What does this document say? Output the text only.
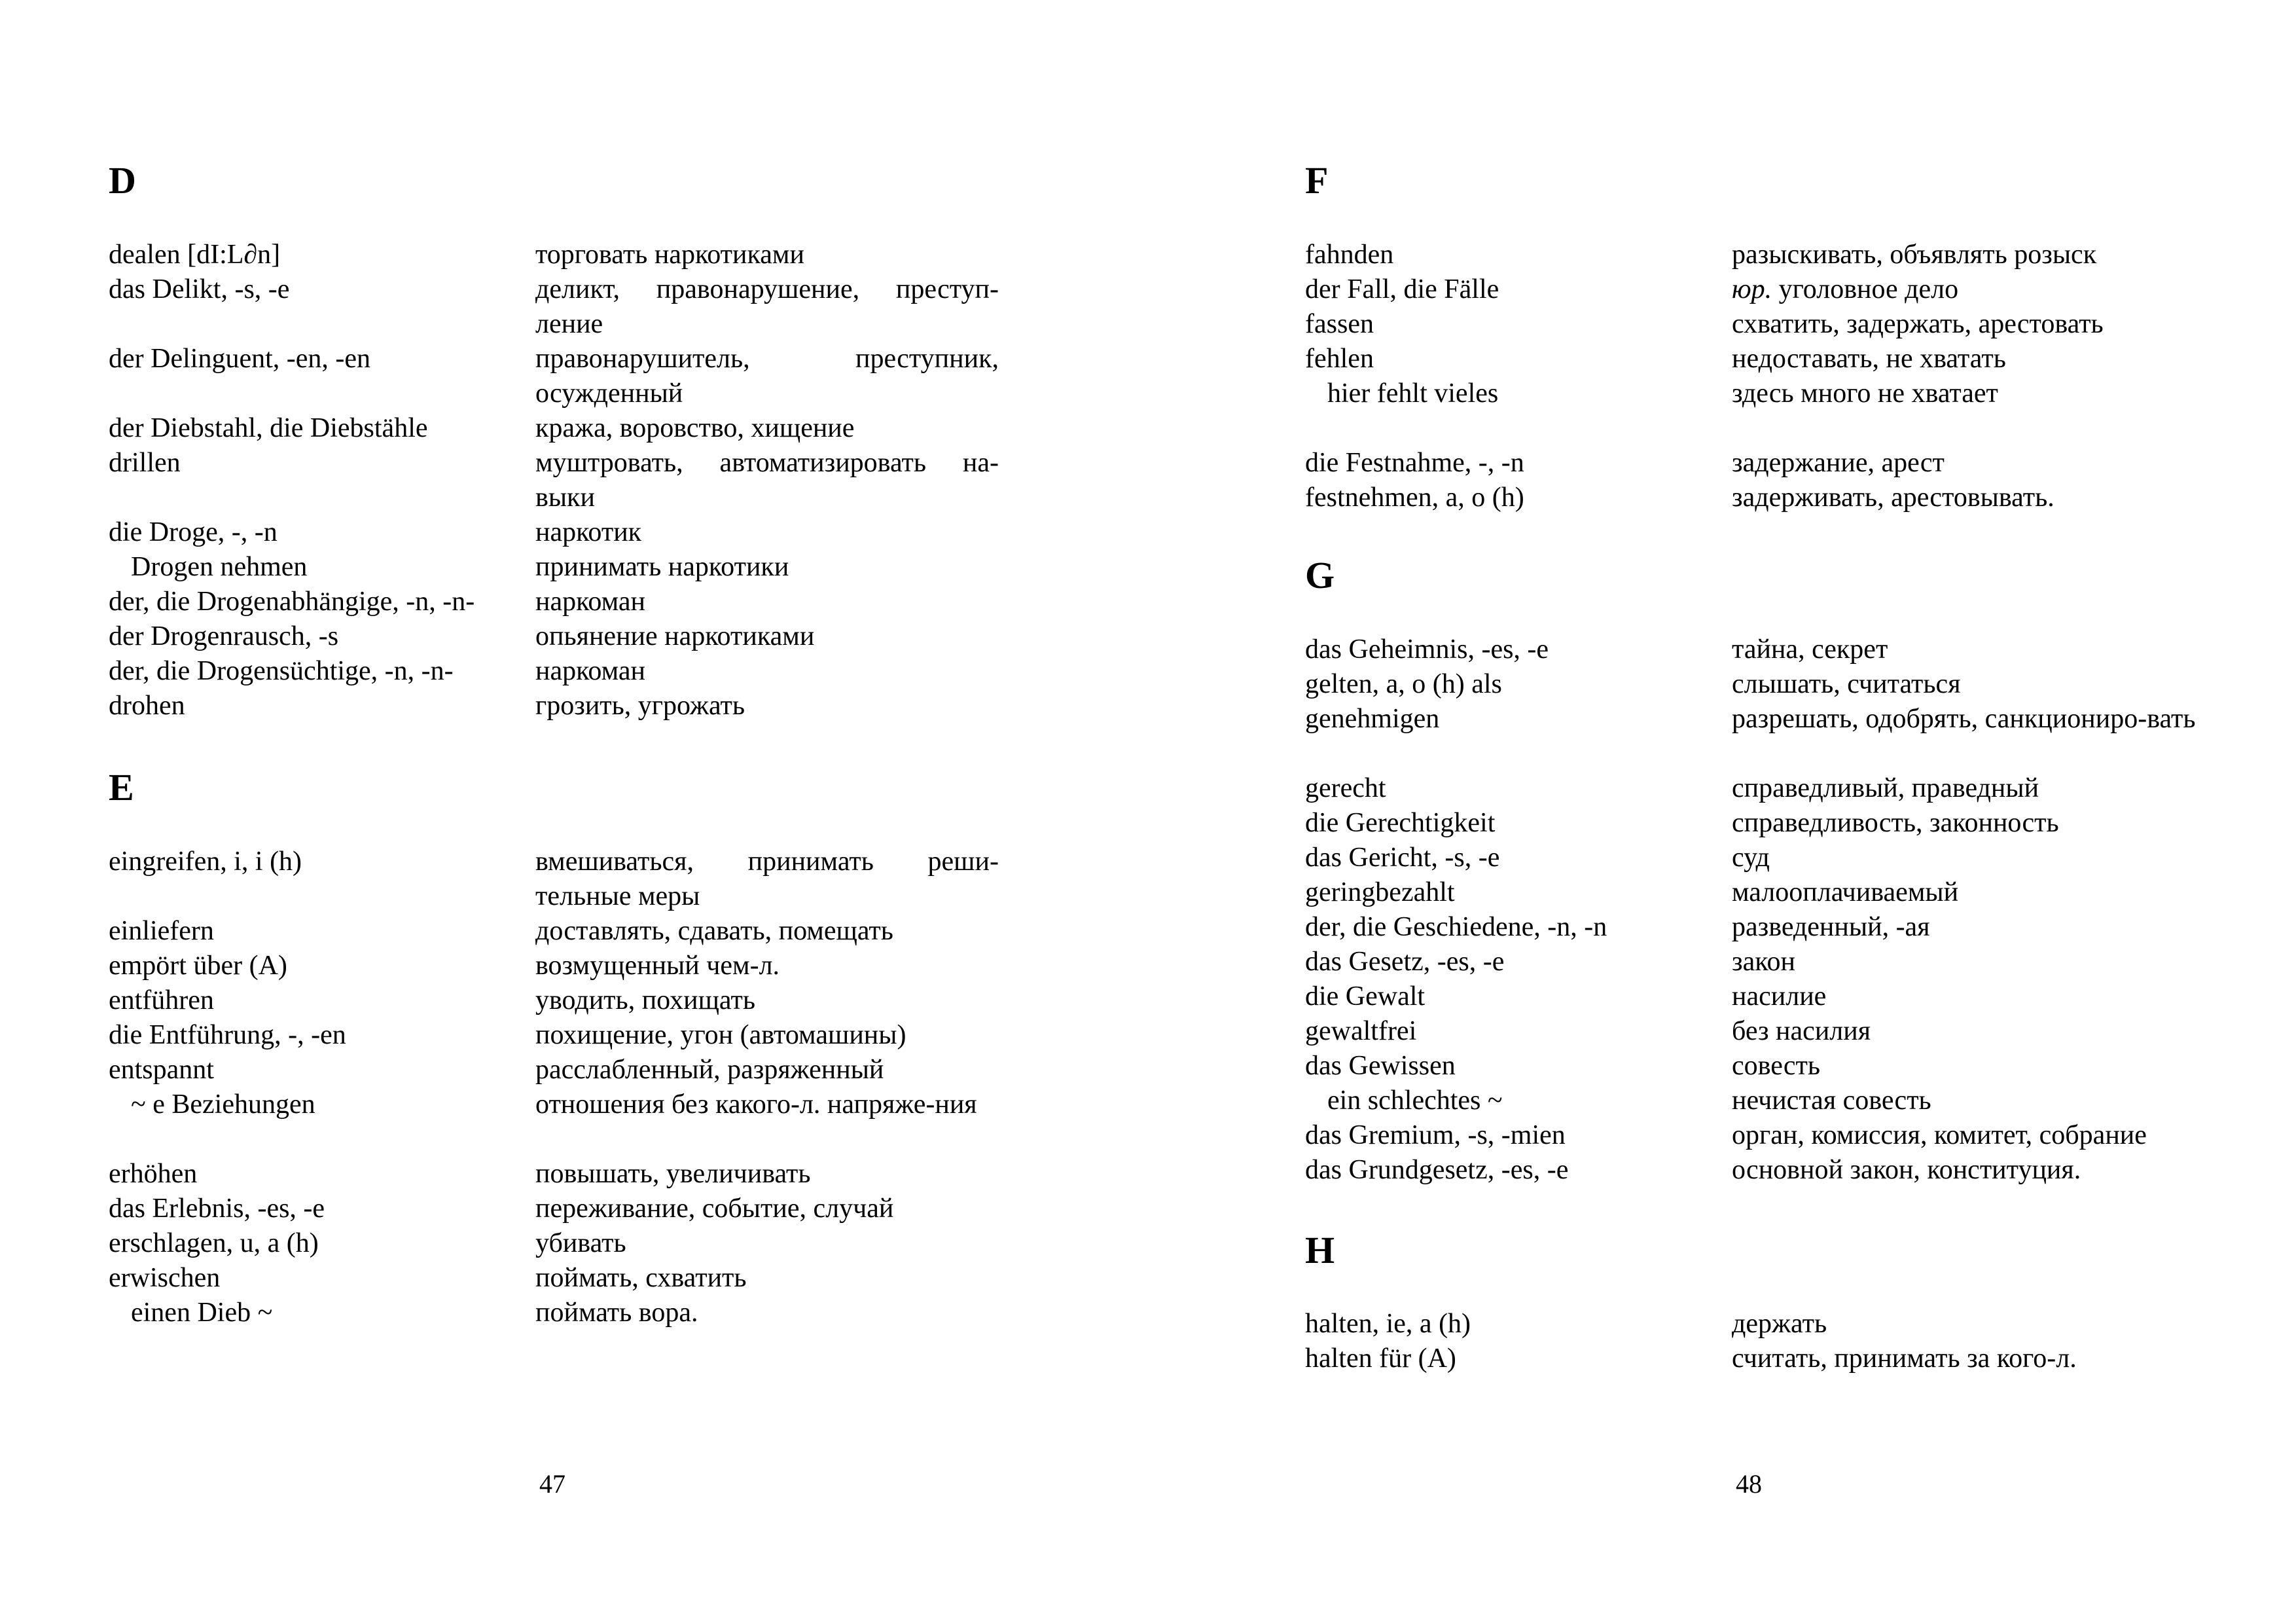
D
dealen [dI:L∂n]
das Delikt, -s, -e
der Delinguent, -en, -en
der Diebstahl, die Diebstähle
drillen
die Droge, -, -n
Drogen nehmen
der, die Drogenabhängige, -n, -n-
der Drogenrausch, -s
der, die Drogensüchtige, -n, -n-
drohen
eingreifen, i, i (h)
einliefern
empört über (A)
entführen
die Entführung, -, -en
entspannt
~ e Beziehungen
erhöhen
das Erlebnis, -es, -e
erschlagen, u, a (h)
erwischen
einen Dieb ~
E
торговать наркотиками
деликт, правонарушение, преступ-ление
правонарушитель, преступник, осужденный
кража, воровство, хищение
муштровать, автоматизировать на-выки
наркотик
принимать наркотики
наркоман
опьянение наркотиками
наркоман
грозить, угрожать
вмешиваться, принимать реши-тельные меры
доставлять, сдавать, помещать
возмущенный чем-л.
уводить, похищать
похищение, угон (автомашины)
расслабленный, разряженный
отношения без какого-л. напряже-ния
повышать, увеличивать
переживание, событие, случай
убивать
поймать, схватить
поймать вора.
47
F
fahnden
der Fall, die Fälle
fassen
fehlen
hier fehlt vieles
die Festnahme, -, -n
festnehmen, a, o (h)
das Geheimnis, -es, -e
gelten, a, o (h) als
genehmigen
gerecht
die Gerechtigkeit
das Gericht, -s, -e
geringbezahlt
der, die Geschiedene, -n, -n
das Gesetz, -es, -e
die Gewalt
gewaltfrei
das Gewissen
ein schlechtes ~
das Gremium, -s, -mien
das Grundgesetz, -es, -e
halten, ie, a (h)
halten für (A)
G
H
разыскивать, объявлять розыск
юр. уголовное дело
схватить, задержать, арестовать
недоставать, не хватать
здесь много не хватает
задержание, арест
задерживать, арестовывать.
тайна, секрет
слышать, считаться
разрешать, одобрять, санкциониро-вать
справедливый, праведный
справедливость, законность
суд
малооплачиваемый
разведенный, -ая
закон
насилие
без насилия
совесть
нечистая совесть
орган, комиссия, комитет, собрание
основной закон, конституция.
держать
считать, принимать за кого-л.
48
